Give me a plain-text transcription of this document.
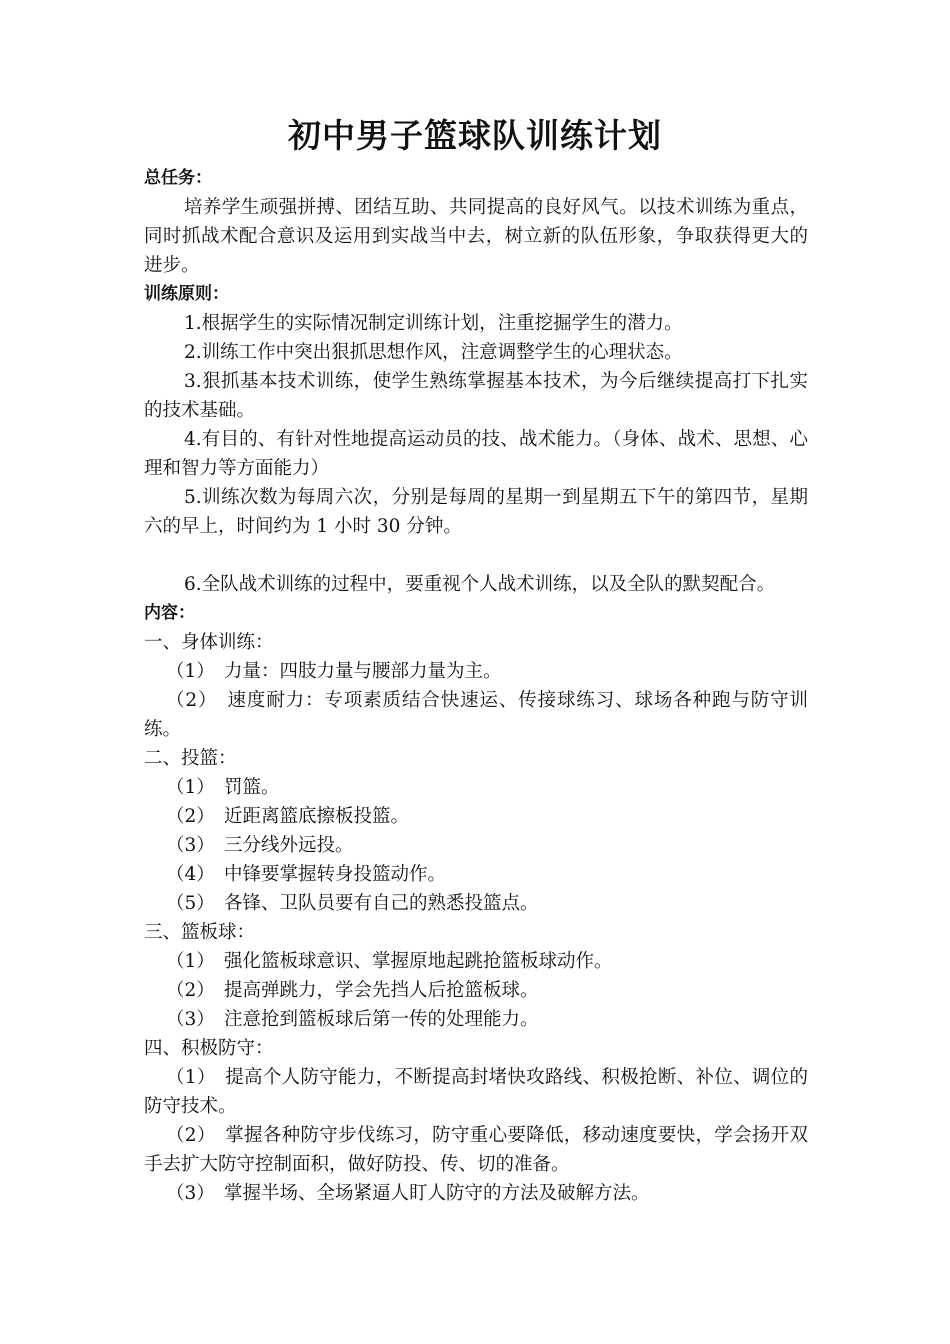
初中男子篮球队训练计划

总任务：

培养学生顽强拼搏、团结互助、共同提高的良好风气。以技术训练为重点，同时抓战术配合意识及运用到实战当中去，树立新的队伍形象，争取获得更大的进步。

训练原则：

1.根据学生的实际情况制定训练计划，注重挖掘学生的潜力。

2.训练工作中突出狠抓思想作风，注意调整学生的心理状态。

3.狠抓基本技术训练，使学生熟练掌握基本技术，为今后继续提高打下扎实的技术基础。

4.有目的、有针对性地提高运动员的技、战术能力。（身体、战术、思想、心理和智力等方面能力）

5.训练次数为每周六次，分别是每周的星期一到星期五下午的第四节，星期六的早上，时间约为 1 小时 30 分钟。

6.全队战术训练的过程中，要重视个人战术训练，以及全队的默契配合。

内容：

一、身体训练：

（1）　力量：四肢力量与腰部力量为主。

（2）　速度耐力：专项素质结合快速运、传接球练习、球场各种跑与防守训练。

二、投篮：

（1）　罚篮。

（2）　近距离篮底擦板投篮。

（3）　三分线外远投。

（4）　中锋要掌握转身投篮动作。

（5）　各锋、卫队员要有自己的熟悉投篮点。

三、篮板球：

（1）　强化篮板球意识、掌握原地起跳抢篮板球动作。

（2）　提高弹跳力，学会先挡人后抢篮板球。

（3）　注意抢到篮板球后第一传的处理能力。

四、积极防守：

（1）　提高个人防守能力，不断提高封堵快攻路线、积极抢断、补位、调位的防守技术。

（2）　掌握各种防守步伐练习，防守重心要降低，移动速度要快，学会扬开双手去扩大防守控制面积，做好防投、传、切的准备。

（3）　掌握半场、全场紧逼人盯人防守的方法及破解方法。
